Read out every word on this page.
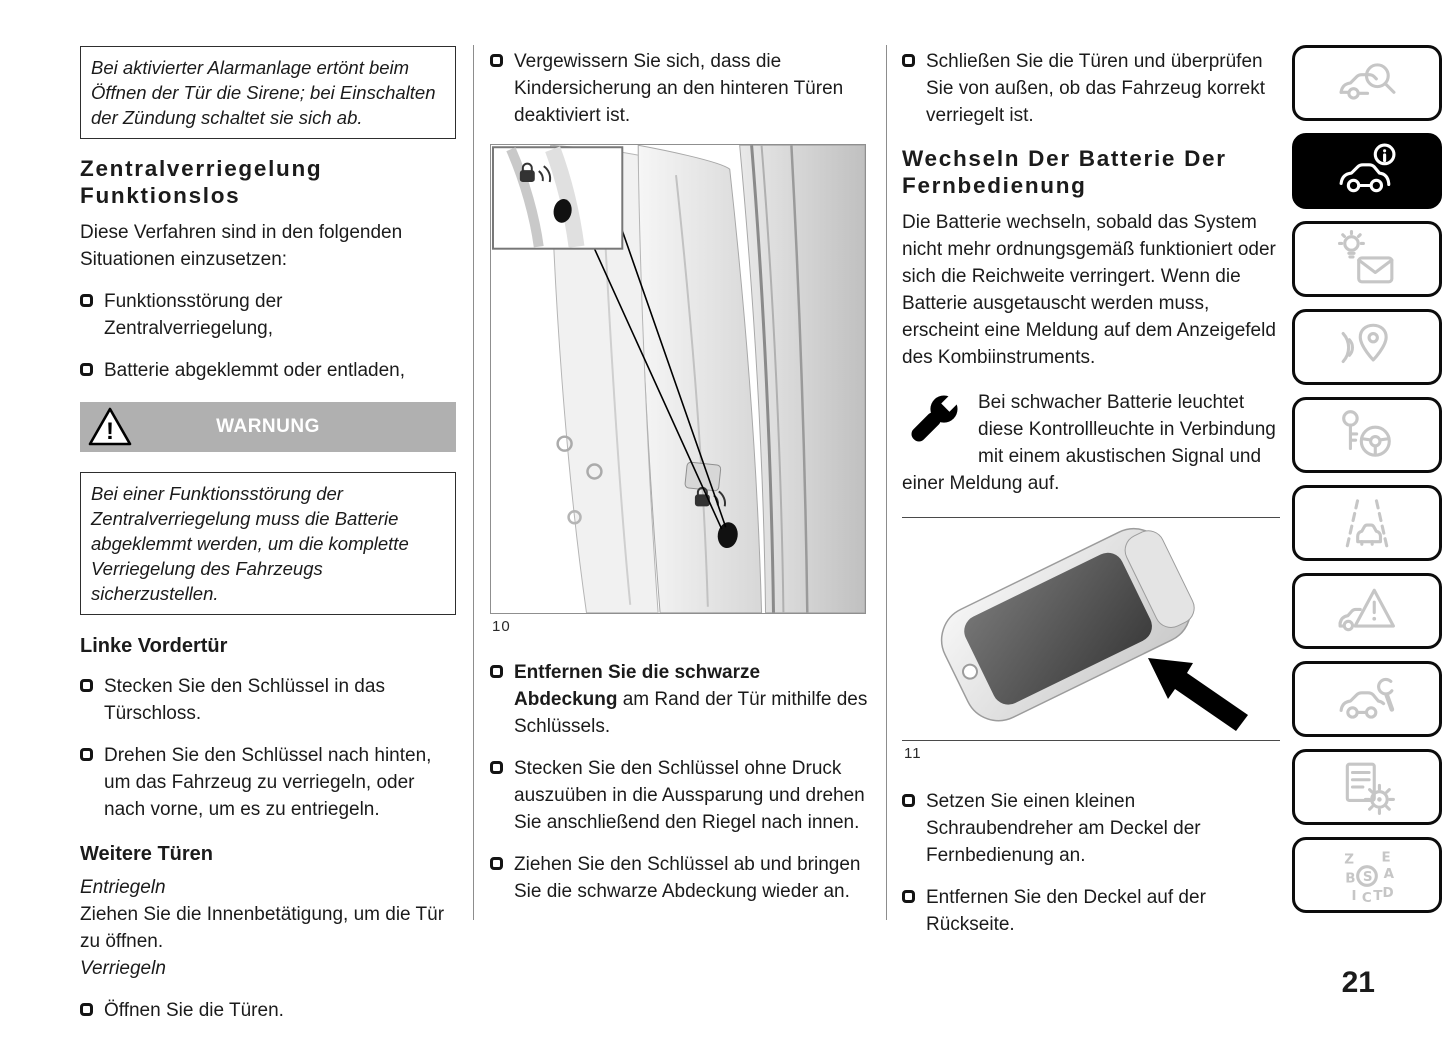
Bei aktivierter Alarmanlage ertönt beim Öffnen der Tür die Sirene; bei Einschalten der Zündung schaltet sie sich ab.
Zentralverriegelung Funktionslos

Diese Verfahren sind in den folgenden Situationen einzusetzen:

Funktionsstörung der Zentralverriegelung,
Batterie abgeklemmt oder entladen,
!	WARNUNG
Bei einer Funktionsstörung der Zentralverriegelung muss die Batterie abgeklemmt werden, um die komplette Verriegelung des Fahrzeugs sicherzustellen.
Linke Vordertür
Stecken Sie den Schlüssel in das Türschloss.
Drehen Sie den Schlüssel nach hinten, um das Fahrzeug zu verriegeln, oder nach vorne, um es zu entriegeln.
Weitere Türen

Entriegeln

Ziehen Sie die Innenbetätigung, um die Tür zu öffnen.

Verriegeln

Öffnen Sie die Türen.
Vergewissern Sie sich, dass die Kindersicherung an den hinteren Türen deaktiviert ist.
10
Entfernen Sie die schwarze Abdeckung am Rand der Tür mithilfe des Schlüssels.
Stecken Sie den Schlüssel ohne Druck auszuüben in die Aussparung und drehen Sie anschließend den Riegel nach innen.
Ziehen Sie den Schlüssel ab und bringen Sie die schwarze Abdeckung wieder an.
Schließen Sie die Türen und überprüfen Sie von außen, ob das Fahrzeug korrekt verriegelt ist.
Wechseln Der Batterie Der Fernbedienung

Die Batterie wechseln, sobald das System nicht mehr ordnungsgemäß funktioniert oder sich die Reichweite verringert. Wenn die Batterie ausgetauscht werden muss, erscheint eine Meldung auf dem Anzeigefeld des Kombiinstruments.

Bei schwacher Batterie leuchtet diese Kontrollleuchte in Verbindung mit einem akustischen Signal und einer Meldung auf.
11
Setzen Sie einen kleinen Schraubendreher am Deckel der Fernbedienung an.
Entfernen Sie den Deckel auf der Rückseite.
Z
B S
E
A
D
I C T
21
